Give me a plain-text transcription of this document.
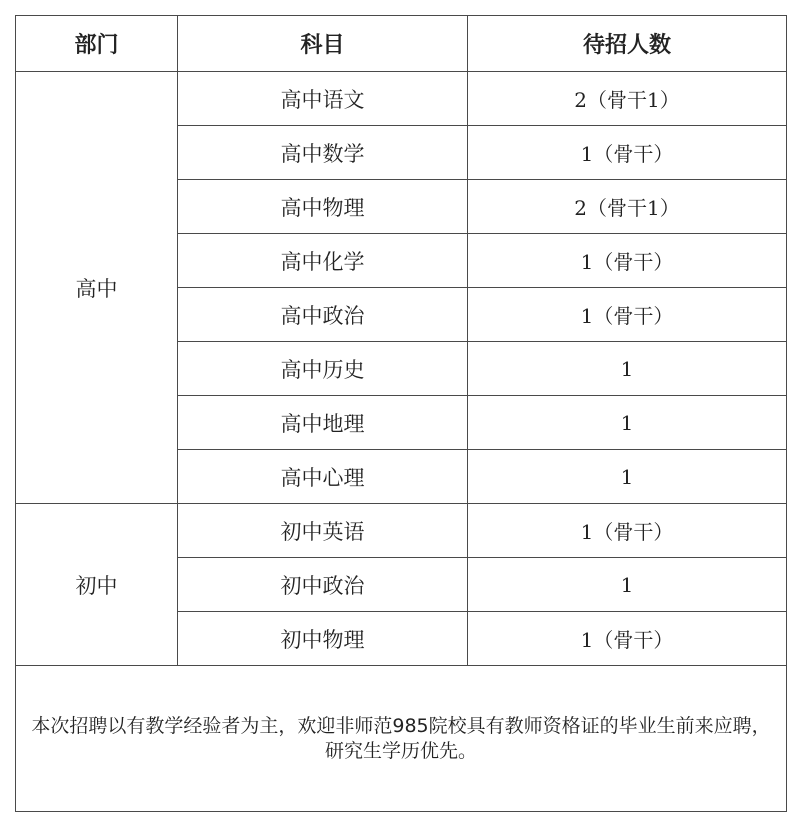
部门	科目	待招人数
高中	高中语文	2（骨干1）
	高中数学	1（骨干）
	高中物理	2（骨干1）
	高中化学	1（骨干）
	高中政治	1（骨干）
	高中历史	1
	高中地理	1
	高中心理	1
初中	初中英语	1（骨干）
	初中政治	1
	初中物理	1（骨干）
本次招聘以有教学经验者为主，欢迎非师范985院校具有教师资格证的毕业生前来应聘，研究生学历优先。		
